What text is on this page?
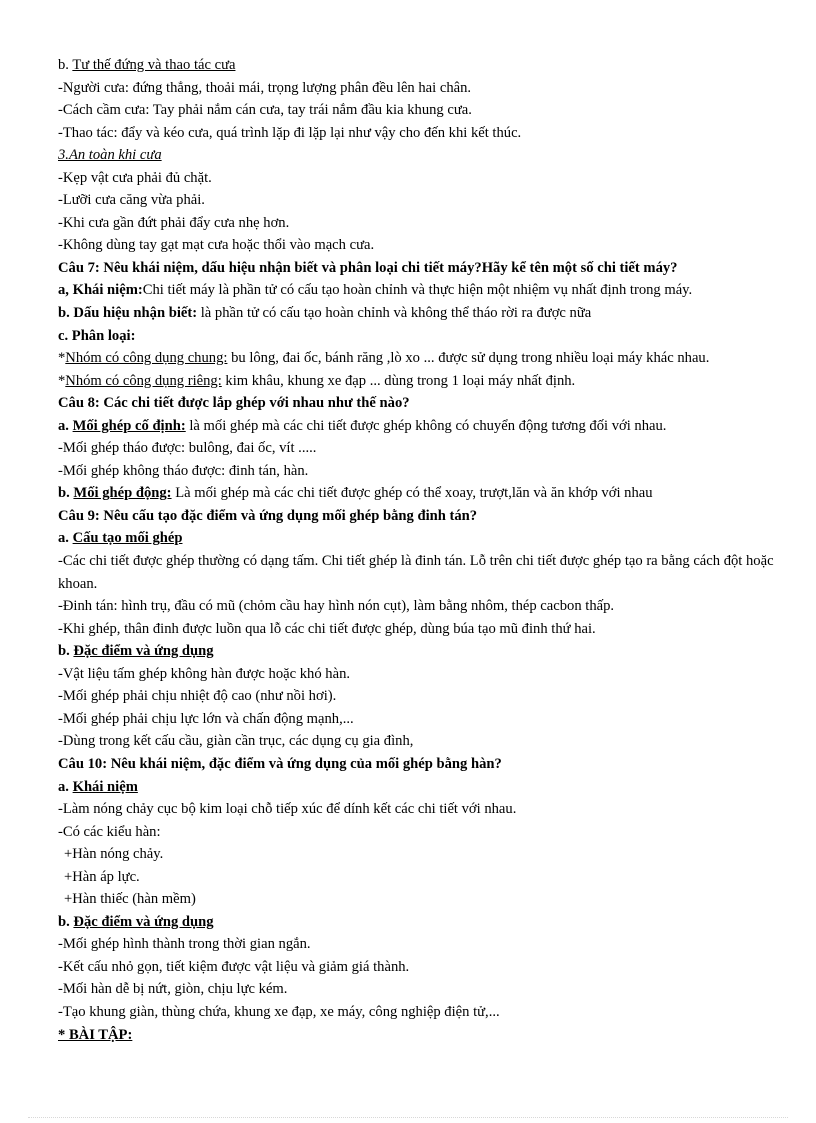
b. Tư thế đứng và thao tác cưa
-Người cưa: đứng thẳng, thoải mái, trọng lượng phân đều lên hai chân.
-Cách cầm cưa: Tay phải nắm cán cưa, tay trái nắm đầu kia khung cưa.
-Thao tác: đẩy và kéo cưa, quá trình lặp đi lặp lại như vậy cho đến khi kết thúc.
3.An toàn khi cưa
-Kẹp vật cưa phải đủ chặt.
-Lưỡi cưa căng vừa phải.
-Khi cưa gần đứt phải đẩy cưa nhẹ hơn.
-Không dùng tay gạt mạt cưa hoặc thổi vào mạch cưa.
Câu 7: Nêu khái niệm, dấu hiệu nhận biết và phân loại chi tiết máy?Hãy kể tên một số chi tiết máy?
a, Khái niệm:Chi tiết máy là phần tử có cấu tạo hoàn chỉnh và thực hiện một nhiệm vụ nhất định trong máy.
b. Dấu hiệu nhận biết: là phần tử có cấu tạo hoàn chỉnh và không thể tháo rời ra được nữa
c. Phân loại:
*Nhóm có công dụng chung: bu lông, đai ốc, bánh răng ,lò xo ... được sử dụng trong nhiều loại máy khác nhau.
*Nhóm có công dụng riêng: kim khâu, khung xe đạp ... dùng trong 1 loại máy nhất định.
Câu 8: Các chi tiết được lắp ghép với nhau như thế nào?
a. Mối ghép cố định: là mối ghép mà các chi tiết được ghép không có chuyển động tương đối với nhau.
-Mối ghép tháo được: bulông, đai ốc, vít .....
-Mối ghép không tháo được: đinh tán, hàn.
b. Mối ghép động: Là mối ghép mà các chi tiết được ghép có thể xoay, trượt,lăn và ăn khớp với nhau
Câu 9: Nêu cấu tạo đặc điểm và ứng dụng mối ghép bằng đinh tán?
a. Cấu tạo mối ghép
-Các chi tiết được ghép thường có dạng tấm. Chi tiết ghép là đinh tán. Lỗ trên chi tiết được ghép tạo ra bằng cách đột hoặc khoan.
-Đinh tán: hình trụ, đầu có mũ (chỏm cầu hay hình nón cụt), làm bằng nhôm, thép cacbon thấp.
-Khi ghép, thân đinh được luồn qua lỗ các chi tiết được ghép, dùng búa tạo mũ đinh thứ hai.
b. Đặc điểm và ứng dụng
-Vật liệu tấm ghép không hàn được hoặc khó hàn.
-Mối ghép phải chịu nhiệt độ cao (như nồi hơi).
-Mối ghép phải chịu lực lớn và chấn động mạnh,...
-Dùng trong kết cấu cầu, giàn cần trục, các dụng cụ gia đình,
Câu 10: Nêu khái niệm, đặc điểm và ứng dụng của mối ghép bằng hàn?
a. Khái niệm
-Làm nóng chảy cục bộ kim loại chỗ tiếp xúc để dính kết các chi tiết với nhau.
-Có các kiểu hàn:
+Hàn nóng chảy.
+Hàn áp lực.
+Hàn thiếc (hàn mềm)
b. Đặc điểm và ứng dụng
-Mối ghép hình thành trong thời gian ngắn.
-Kết cấu nhỏ gọn, tiết kiệm được vật liệu và giảm giá thành.
-Mối hàn dễ bị nứt, giòn, chịu lực kém.
-Tạo khung giàn, thùng chứa, khung xe đạp, xe máy, công nghiệp điện tử,...
* BÀI TẬP:
